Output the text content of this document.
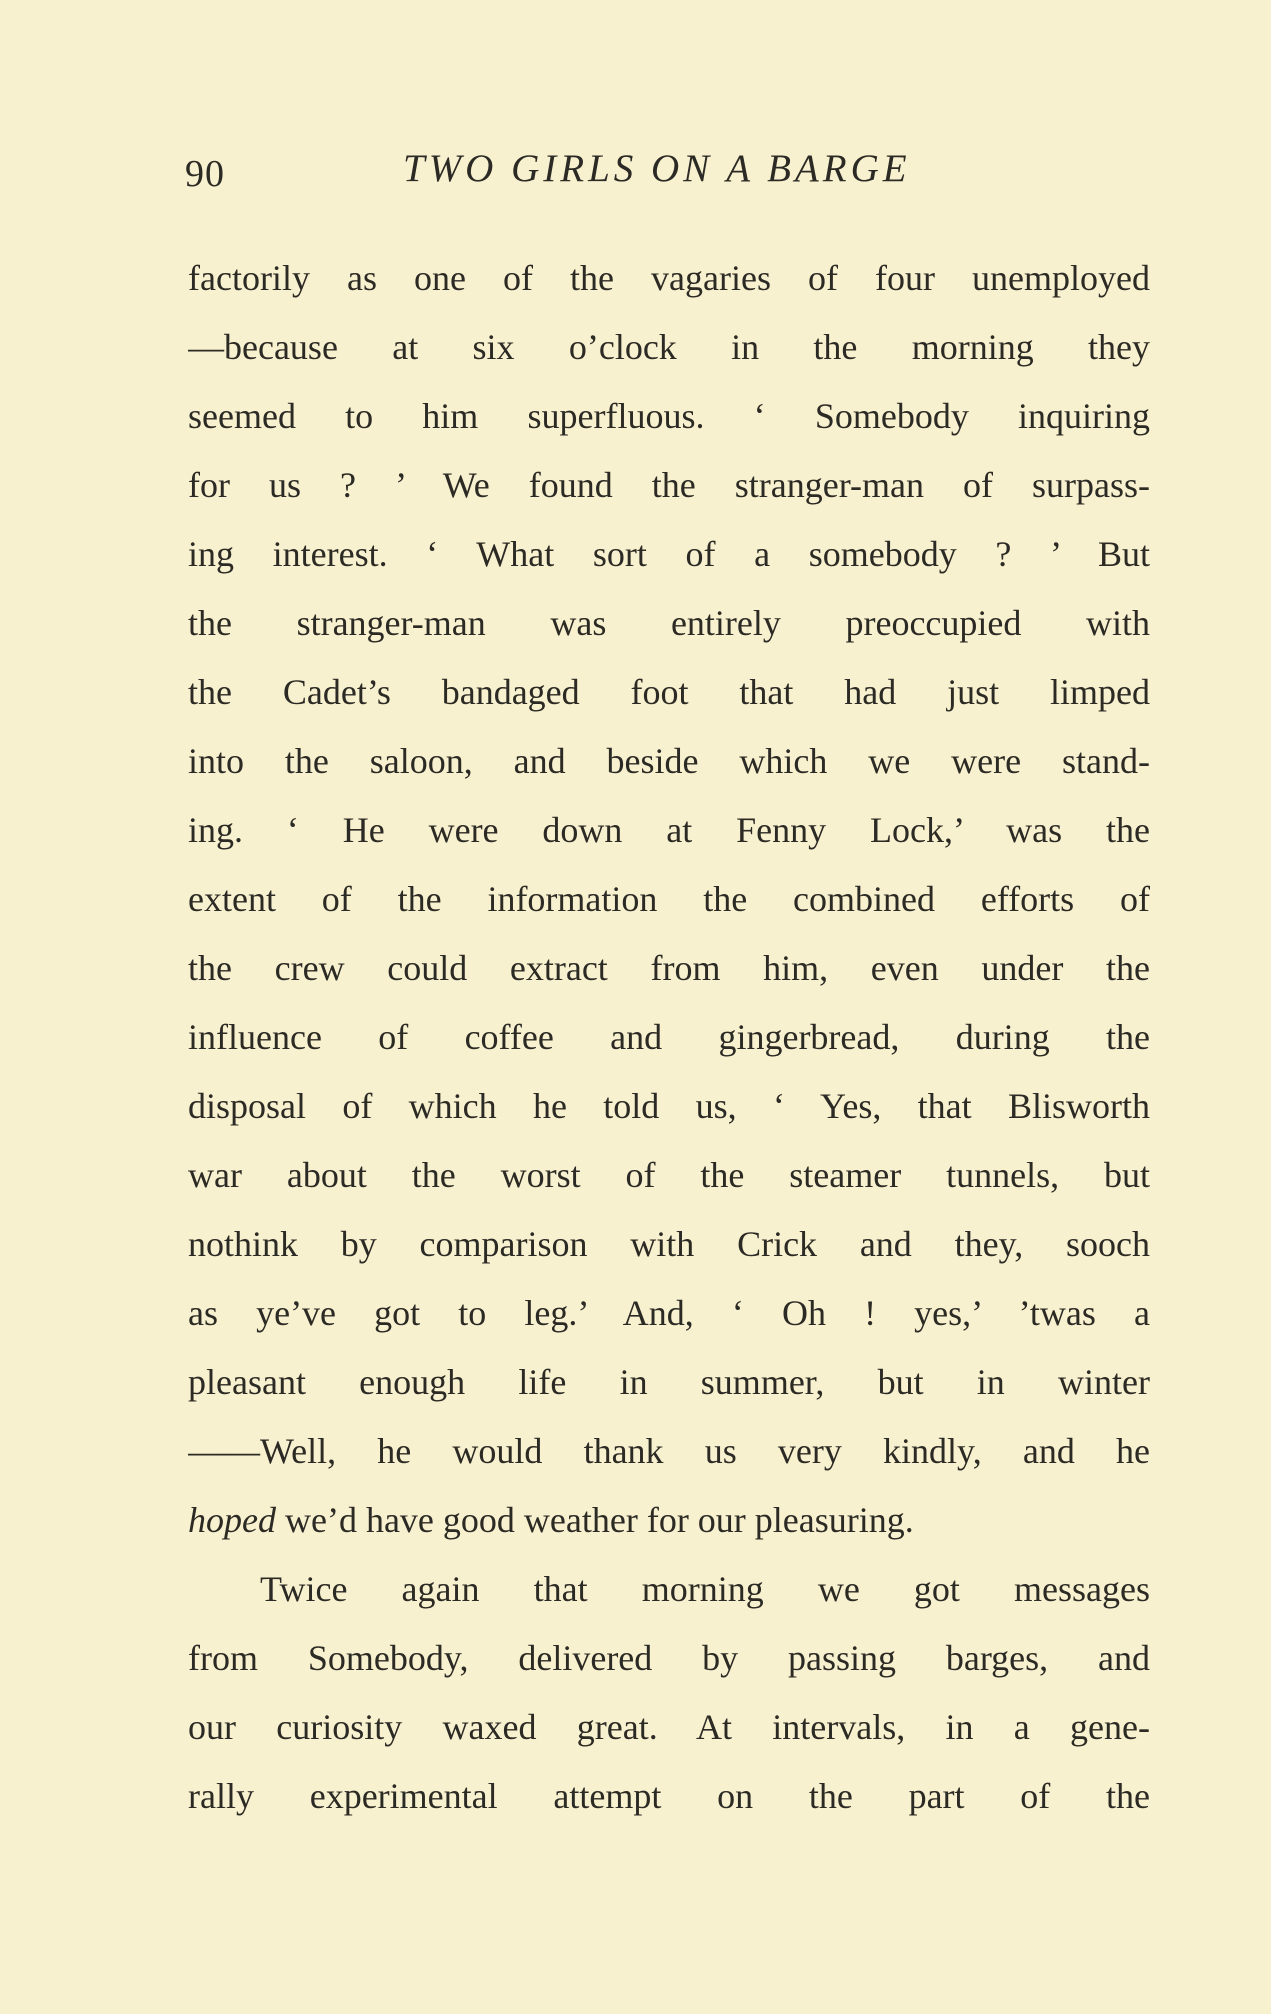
90	TWO GIRLS ON A BARGE
factorily as one of the vagaries of four unemployed
—because at six o’clock in the morning they
seemed to him superfluous. ‘ Somebody inquiring
for us ? ’ We found the stranger-man of surpass-
ing interest. ‘ What sort of a somebody ? ’ But
the stranger-man was entirely preoccupied with
the Cadet’s bandaged foot that had just limped
into the saloon, and beside which we were stand-
ing. ‘ He were down at Fenny Lock,’ was the
extent of the information the combined efforts of
the crew could extract from him, even under the
influence of coffee and gingerbread, during the
disposal of which he told us, ‘ Yes, that Blisworth
war about the worst of the steamer tunnels, but
nothink by comparison with Crick and they, sooch
as ye’ve got to leg.’ And, ‘ Oh ! yes,’ ’twas a
pleasant enough life in summer, but in winter
——Well, he would thank us very kindly, and he
hoped we’d have good weather for our pleasuring.
Twice again that morning we got messages
from Somebody, delivered by passing barges, and
our curiosity waxed great. At intervals, in a gene-
rally experimental attempt on the part of the
